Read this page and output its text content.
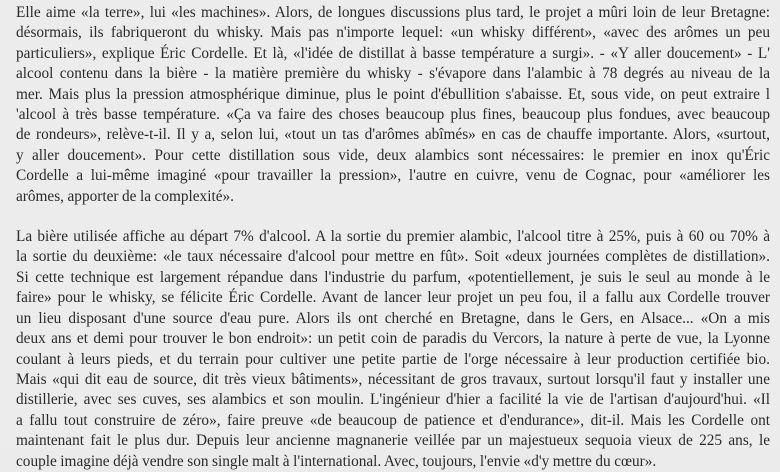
Elle aime «la terre», lui «les machines». Alors, de longues discussions plus tard, le projet a mûri loin de leur Bretagne:
désormais, ils fabriqueront du whisky. Mais pas n'importe lequel: «un whisky différent», «avec des arômes un peu
particuliers», explique Éric Cordelle. Et là, «l'idée de distillat à basse température a surgi». - «Y aller doucement» - L'
alcool contenu dans la bière - la matière première du whisky - s'évapore dans l'alambic à 78 degrés au niveau de la
mer. Mais plus la pression atmosphérique diminue, plus le point d'ébullition s'abaisse. Et, sous vide, on peut extraire l
'alcool à très basse température. «Ça va faire des choses beaucoup plus fines, beaucoup plus fondues, avec beaucoup
de rondeurs», relève-t-il. Il y a, selon lui, «tout un tas d'arômes abîmés» en cas de chauffe importante. Alors, «surtout,
y aller doucement». Pour cette distillation sous vide, deux alambics sont nécessaires: le premier en inox qu'Éric
Cordelle a lui-même imaginé «pour travailler la pression», l'autre en cuivre, venu de Cognac, pour «améliorer les
arômes, apporter de la complexité».

La bière utilisée affiche au départ 7% d'alcool. A la sortie du premier alambic, l'alcool titre à 25%, puis à 60 ou 70% à
la sortie du deuxième: «le taux nécessaire d'alcool pour mettre en fût». Soit «deux journées complètes de distillation».
Si cette technique est largement répandue dans l'industrie du parfum, «potentiellement, je suis le seul au monde à le
faire» pour le whisky, se félicite Éric Cordelle. Avant de lancer leur projet un peu fou, il a fallu aux Cordelle trouver
un lieu disposant d'une source d'eau pure. Alors ils ont cherché en Bretagne, dans le Gers, en Alsace... «On a mis
deux ans et demi pour trouver le bon endroit»: un petit coin de paradis du Vercors, la nature à perte de vue, la Lyonne
coulant à leurs pieds, et du terrain pour cultiver une petite partie de l'orge nécessaire à leur production certifiée bio.
Mais «qui dit eau de source, dit très vieux bâtiments», nécessitant de gros travaux, surtout lorsqu'il faut y installer une
distillerie, avec ses cuves, ses alambics et son moulin. L'ingénieur d'hier a facilité la vie de l'artisan d'aujourd'hui. «Il
a fallu tout construire de zéro», faire preuve «de beaucoup de patience et d'endurance», dit-il. Mais les Cordelle ont
maintenant fait le plus dur. Depuis leur ancienne magnanerie veillée par un majestueux sequoia vieux de 225 ans, le
couple imagine déjà vendre son single malt à l'international. Avec, toujours, l'envie «d'y mettre du cœur».
